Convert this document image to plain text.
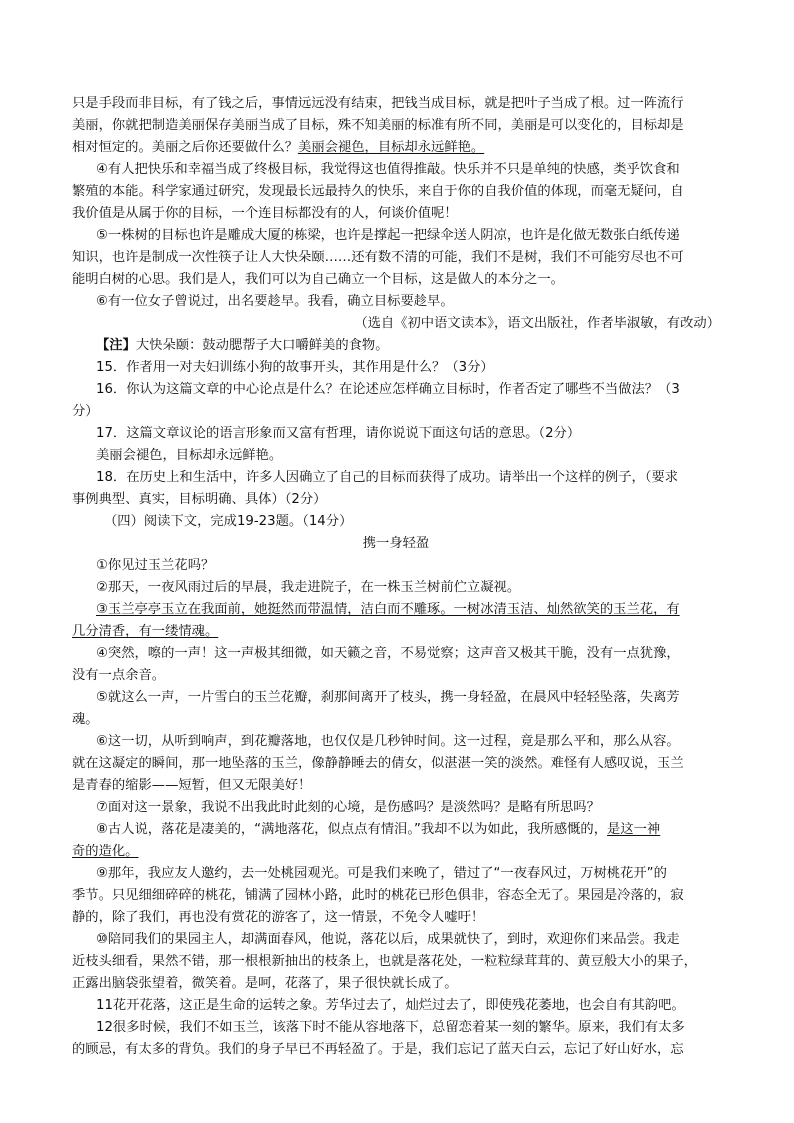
只是手段而非目标，有了钱之后，事情远远没有结束，把钱当成目标，就是把叶子当成了根。过一阵流行
美丽，你就把制造美丽保存美丽当成了目标，殊不知美丽的标准有所不同，美丽是可以变化的，目标却是
相对恒定的。美丽之后你还要做什么？美丽会褪色，目标却永远鲜艳。
④有人把快乐和幸福当成了终极目标，我觉得这也值得推敲。快乐并不只是单纯的快感，类乎饮食和
繁殖的本能。科学家通过研究，发现最长远最持久的快乐，来自于你的自我价值的体现，而毫无疑问，自
我价值是从属于你的目标，一个连目标都没有的人，何谈价值呢！
⑤一株树的目标也许是雕成大厦的栋梁，也许是撑起一把绿伞送人阴凉，也许是化做无数张白纸传递
知识，也许是制成一次性筷子让人大快朵颐……还有数不清的可能，我们不是树，我们不可能穷尽也不可
能明白树的心思。我们是人，我们可以为自己确立一个目标，这是做人的本分之一。
⑥有一位女子曾说过，出名要趁早。我看，确立目标要趁早。
（选自《初中语文读本》，语文出版社，作者毕淑敏，有改动）
【注】大快朵颐：鼓动腮帮子大口嚼鲜美的食物。
15．作者用一对夫妇训练小狗的故事开头，其作用是什么？（3分）
16．你认为这篇文章的中心论点是什么？在论述应怎样确立目标时，作者否定了哪些不当做法？（3
分）
17．这篇文章议论的语言形象而又富有哲理，请你说说下面这句话的意思。（2分）
美丽会褪色，目标却永远鲜艳。
18．在历史上和生活中，许多人因确立了自己的目标而获得了成功。请举出一个这样的例子，（要求
事例典型、真实，目标明确、具体）（2分）
（四）阅读下文，完成19-23题。（14分）
携一身轻盈
①你见过玉兰花吗？
②那天，一夜风雨过后的早晨，我走进院子，在一株玉兰树前伫立凝视。
③玉兰亭亭玉立在我面前，她挺然而带温情，洁白而不雕琢。一树冰清玉洁、灿然欲笑的玉兰花，有
几分清香，有一缕情魂。
④突然，嚓的一声！这一声极其细微，如天籁之音，不易觉察；这声音又极其干脆，没有一点犹豫，
没有一点余音。
⑤就这么一声，一片雪白的玉兰花瓣，刹那间离开了枝头，携一身轻盈，在晨风中轻轻坠落，失离芳
魂。
⑥这一切，从听到响声，到花瓣落地，也仅仅是几秒钟时间。这一过程，竟是那么平和，那么从容。
就在这凝定的瞬间，那一地坠落的玉兰，像静静睡去的倩女，似湛湛一笑的淡然。难怪有人感叹说，玉兰
是青春的缩影——短暂，但又无限美好！
⑦面对这一景象，我说不出我此时此刻的心境，是伤感吗？是淡然吗？是略有所思吗？
⑧古人说，落花是凄美的，“满地落花，似点点有情泪。”我却不以为如此，我所感慨的，是这一神
奇的造化。
⑨那年，我应友人邀约，去一处桃园观光。可是我们来晚了，错过了“一夜春风过，万树桃花开”的
季节。只见细细碎碎的桃花，铺满了园林小路，此时的桃花已形色俱非，容态全无了。果园是冷落的，寂
静的，除了我们，再也没有赏花的游客了，这一情景，不免令人嘘吁！
⑩陪同我们的果园主人，却满面春风，他说，落花以后，成果就快了，到时，欢迎你们来品尝。我走
近枝头细看，果然不错，那一根根新抽出的枝条上，也就是落花处，一粒粒绿茸茸的、黄豆般大小的果子，
正露出脑袋张望着，微笑着。是呵，花落了，果子很快就长成了。
11花开花落，这正是生命的运转之象。芳华过去了，灿烂过去了，即使残花萎地，也会自有其韵吧。
12很多时候，我们不如玉兰，该落下时不能从容地落下，总留恋着某一刻的繁华。原来，我们有太多
的顾忌，有太多的背负。我们的身子早已不再轻盈了。于是，我们忘记了蓝天白云，忘记了好山好水，忘
